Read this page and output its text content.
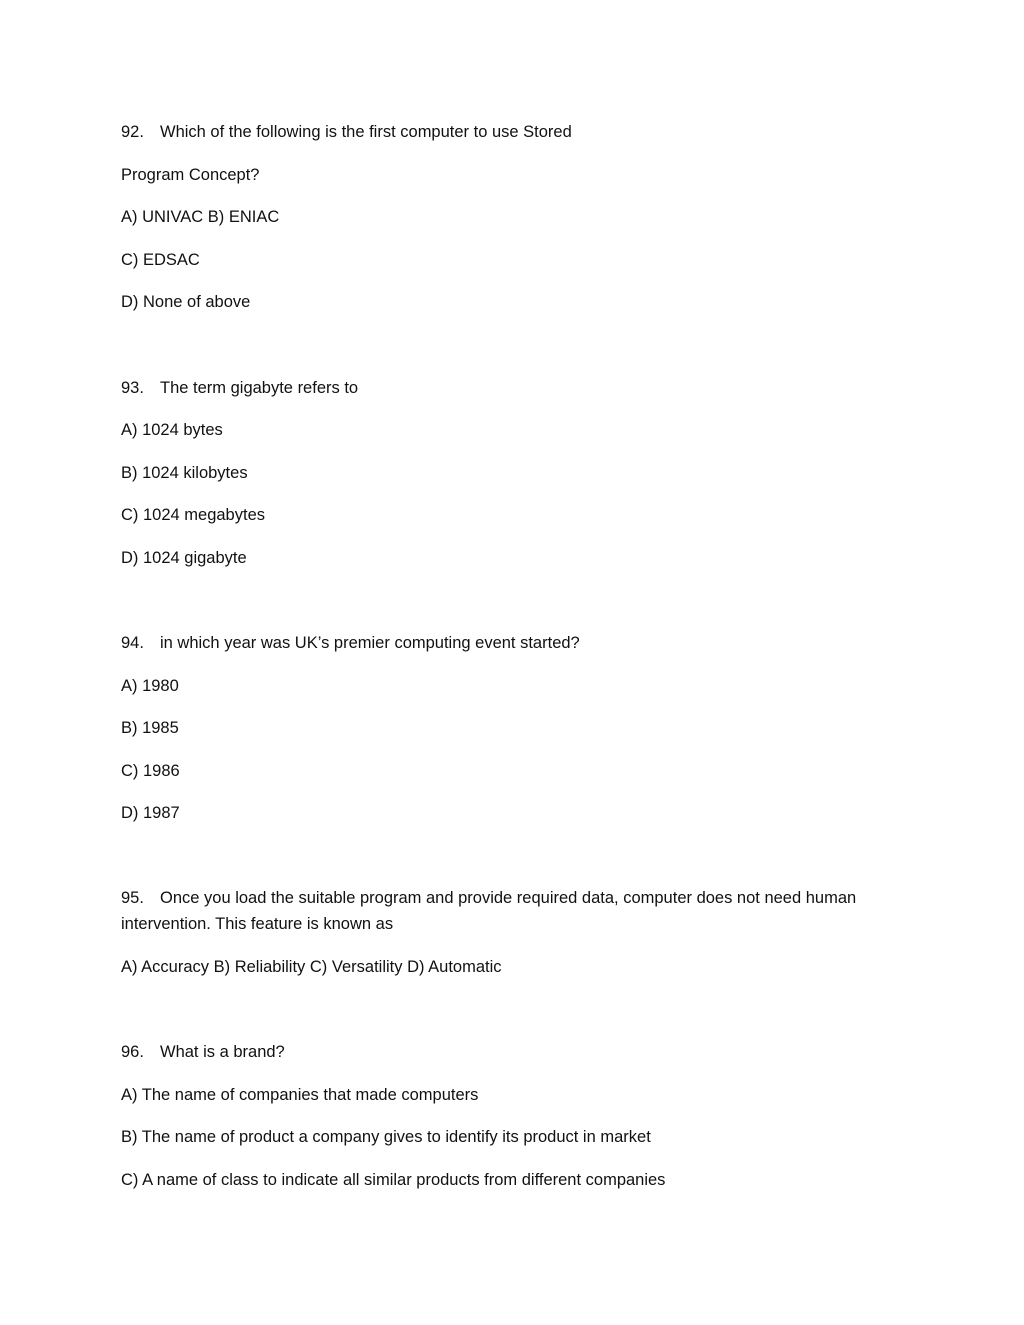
92. Which of the following is the first computer to use Stored
Program Concept?
A) UNIVAC B) ENIAC
C) EDSAC
D) None of above
93. The term gigabyte refers to
A) 1024 bytes
B) 1024 kilobytes
C) 1024 megabytes
D) 1024 gigabyte
94. in which year was UK’s premier computing event started?
A) 1980
B) 1985
C) 1986
D) 1987
95. Once you load the suitable program and provide required data, computer does not need human intervention. This feature is known as
A) Accuracy B) Reliability C) Versatility D) Automatic
96. What is a brand?
A) The name of companies that made computers
B) The name of product a company gives to identify its product in market
C) A name of class to indicate all similar products from different companies
